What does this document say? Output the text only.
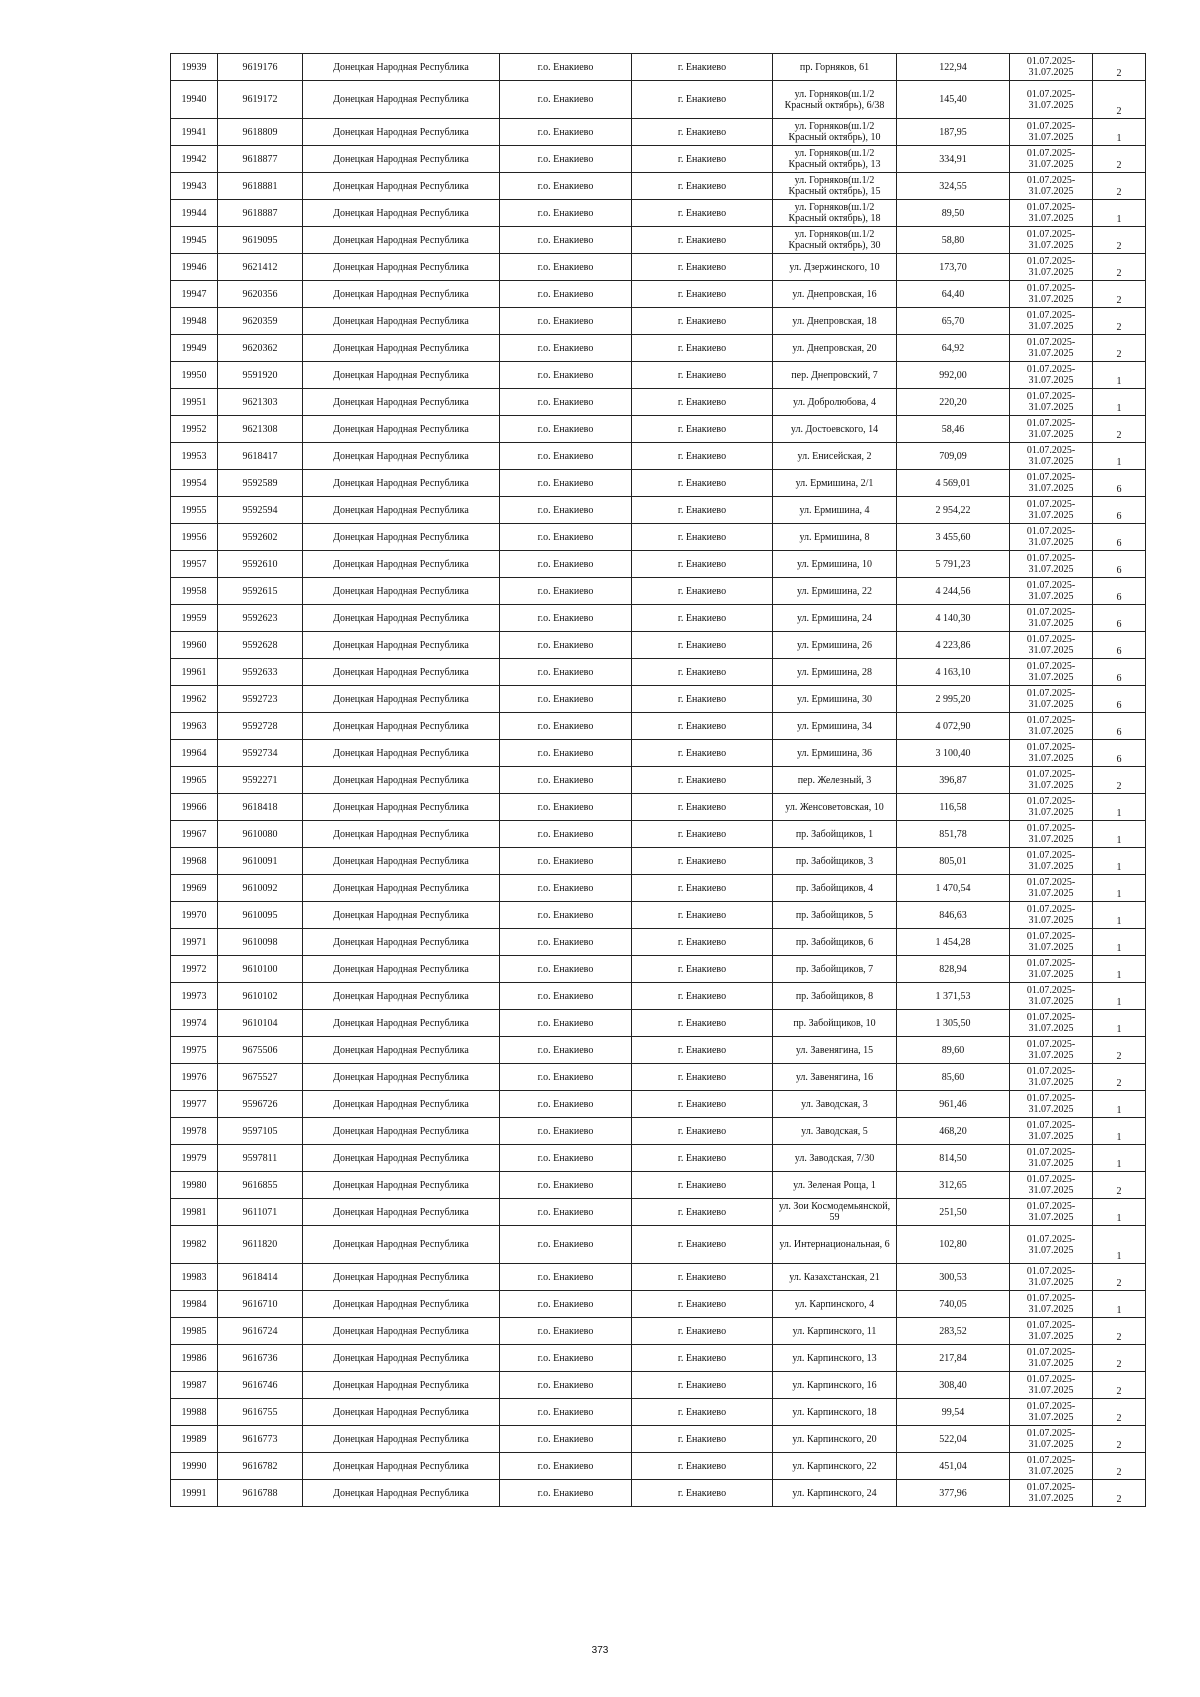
19939	9619176	Донецкая Народная Республика	г.о. Енакиево	г. Енакиево	пр. Горняков, 61	122,94	01.07.2025-31.07.2025	2
19940	9619172	Донецкая Народная Республика	г.о. Енакиево	г. Енакиево	ул. Горняков(ш.1/2 Красный октябрь), 6/38	145,40	01.07.2025-31.07.2025	2
19941	9618809	Донецкая Народная Республика	г.о. Енакиево	г. Енакиево	ул. Горняков(ш.1/2 Красный октябрь), 10	187,95	01.07.2025-31.07.2025	1
19942	9618877	Донецкая Народная Республика	г.о. Енакиево	г. Енакиево	ул. Горняков(ш.1/2 Красный октябрь), 13	334,91	01.07.2025-31.07.2025	2
19943	9618881	Донецкая Народная Республика	г.о. Енакиево	г. Енакиево	ул. Горняков(ш.1/2 Красный октябрь), 15	324,55	01.07.2025-31.07.2025	2
19944	9618887	Донецкая Народная Республика	г.о. Енакиево	г. Енакиево	ул. Горняков(ш.1/2 Красный октябрь), 18	89,50	01.07.2025-31.07.2025	1
19945	9619095	Донецкая Народная Республика	г.о. Енакиево	г. Енакиево	ул. Горняков(ш.1/2 Красный октябрь), 30	58,80	01.07.2025-31.07.2025	2
19946	9621412	Донецкая Народная Республика	г.о. Енакиево	г. Енакиево	ул. Дзержинского, 10	173,70	01.07.2025-31.07.2025	2
19947	9620356	Донецкая Народная Республика	г.о. Енакиево	г. Енакиево	ул. Днепровская, 16	64,40	01.07.2025-31.07.2025	2
19948	9620359	Донецкая Народная Республика	г.о. Енакиево	г. Енакиево	ул. Днепровская, 18	65,70	01.07.2025-31.07.2025	2
19949	9620362	Донецкая Народная Республика	г.о. Енакиево	г. Енакиево	ул. Днепровская, 20	64,92	01.07.2025-31.07.2025	2
19950	9591920	Донецкая Народная Республика	г.о. Енакиево	г. Енакиево	пер. Днепровский, 7	992,00	01.07.2025-31.07.2025	1
19951	9621303	Донецкая Народная Республика	г.о. Енакиево	г. Енакиево	ул. Добролюбова, 4	220,20	01.07.2025-31.07.2025	1
19952	9621308	Донецкая Народная Республика	г.о. Енакиево	г. Енакиево	ул. Достоевского, 14	58,46	01.07.2025-31.07.2025	2
19953	9618417	Донецкая Народная Республика	г.о. Енакиево	г. Енакиево	ул. Енисейская, 2	709,09	01.07.2025-31.07.2025	1
19954	9592589	Донецкая Народная Республика	г.о. Енакиево	г. Енакиево	ул. Ермишина, 2/1	4 569,01	01.07.2025-31.07.2025	6
19955	9592594	Донецкая Народная Республика	г.о. Енакиево	г. Енакиево	ул. Ермишина, 4	2 954,22	01.07.2025-31.07.2025	6
19956	9592602	Донецкая Народная Республика	г.о. Енакиево	г. Енакиево	ул. Ермишина, 8	3 455,60	01.07.2025-31.07.2025	6
19957	9592610	Донецкая Народная Республика	г.о. Енакиево	г. Енакиево	ул. Ермишина, 10	5 791,23	01.07.2025-31.07.2025	6
19958	9592615	Донецкая Народная Республика	г.о. Енакиево	г. Енакиево	ул. Ермишина, 22	4 244,56	01.07.2025-31.07.2025	6
19959	9592623	Донецкая Народная Республика	г.о. Енакиево	г. Енакиево	ул. Ермишина, 24	4 140,30	01.07.2025-31.07.2025	6
19960	9592628	Донецкая Народная Республика	г.о. Енакиево	г. Енакиево	ул. Ермишина, 26	4 223,86	01.07.2025-31.07.2025	6
19961	9592633	Донецкая Народная Республика	г.о. Енакиево	г. Енакиево	ул. Ермишина, 28	4 163,10	01.07.2025-31.07.2025	6
19962	9592723	Донецкая Народная Республика	г.о. Енакиево	г. Енакиево	ул. Ермишина, 30	2 995,20	01.07.2025-31.07.2025	6
19963	9592728	Донецкая Народная Республика	г.о. Енакиево	г. Енакиево	ул. Ермишина, 34	4 072,90	01.07.2025-31.07.2025	6
19964	9592734	Донецкая Народная Республика	г.о. Енакиево	г. Енакиево	ул. Ермишина, 36	3 100,40	01.07.2025-31.07.2025	6
19965	9592271	Донецкая Народная Республика	г.о. Енакиево	г. Енакиево	пер. Железный, 3	396,87	01.07.2025-31.07.2025	2
19966	9618418	Донецкая Народная Республика	г.о. Енакиево	г. Енакиево	ул. Женсоветовская, 10	116,58	01.07.2025-31.07.2025	1
19967	9610080	Донецкая Народная Республика	г.о. Енакиево	г. Енакиево	пр. Забойщиков, 1	851,78	01.07.2025-31.07.2025	1
19968	9610091	Донецкая Народная Республика	г.о. Енакиево	г. Енакиево	пр. Забойщиков, 3	805,01	01.07.2025-31.07.2025	1
19969	9610092	Донецкая Народная Республика	г.о. Енакиево	г. Енакиево	пр. Забойщиков, 4	1 470,54	01.07.2025-31.07.2025	1
19970	9610095	Донецкая Народная Республика	г.о. Енакиево	г. Енакиево	пр. Забойщиков, 5	846,63	01.07.2025-31.07.2025	1
19971	9610098	Донецкая Народная Республика	г.о. Енакиево	г. Енакиево	пр. Забойщиков, 6	1 454,28	01.07.2025-31.07.2025	1
19972	9610100	Донецкая Народная Республика	г.о. Енакиево	г. Енакиево	пр. Забойщиков, 7	828,94	01.07.2025-31.07.2025	1
19973	9610102	Донецкая Народная Республика	г.о. Енакиево	г. Енакиево	пр. Забойщиков, 8	1 371,53	01.07.2025-31.07.2025	1
19974	9610104	Донецкая Народная Республика	г.о. Енакиево	г. Енакиево	пр. Забойщиков, 10	1 305,50	01.07.2025-31.07.2025	1
19975	9675506	Донецкая Народная Республика	г.о. Енакиево	г. Енакиево	ул. Завенягина, 15	89,60	01.07.2025-31.07.2025	2
19976	9675527	Донецкая Народная Республика	г.о. Енакиево	г. Енакиево	ул. Завенягина, 16	85,60	01.07.2025-31.07.2025	2
19977	9596726	Донецкая Народная Республика	г.о. Енакиево	г. Енакиево	ул. Заводская, 3	961,46	01.07.2025-31.07.2025	1
19978	9597105	Донецкая Народная Республика	г.о. Енакиево	г. Енакиево	ул. Заводская, 5	468,20	01.07.2025-31.07.2025	1
19979	9597811	Донецкая Народная Республика	г.о. Енакиево	г. Енакиево	ул. Заводская, 7/30	814,50	01.07.2025-31.07.2025	1
19980	9616855	Донецкая Народная Республика	г.о. Енакиево	г. Енакиево	ул. Зеленая Роща, 1	312,65	01.07.2025-31.07.2025	2
19981	9611071	Донецкая Народная Республика	г.о. Енакиево	г. Енакиево	ул. Зои Космодемьянской, 59	251,50	01.07.2025-31.07.2025	1
19982	9611820	Донецкая Народная Республика	г.о. Енакиево	г. Енакиево	ул. Интернациональная, 6	102,80	01.07.2025-31.07.2025	1
19983	9618414	Донецкая Народная Республика	г.о. Енакиево	г. Енакиево	ул. Казахстанская, 21	300,53	01.07.2025-31.07.2025	2
19984	9616710	Донецкая Народная Республика	г.о. Енакиево	г. Енакиево	ул. Карпинского, 4	740,05	01.07.2025-31.07.2025	1
19985	9616724	Донецкая Народная Республика	г.о. Енакиево	г. Енакиево	ул. Карпинского, 11	283,52	01.07.2025-31.07.2025	2
19986	9616736	Донецкая Народная Республика	г.о. Енакиево	г. Енакиево	ул. Карпинского, 13	217,84	01.07.2025-31.07.2025	2
19987	9616746	Донецкая Народная Республика	г.о. Енакиево	г. Енакиево	ул. Карпинского, 16	308,40	01.07.2025-31.07.2025	2
19988	9616755	Донецкая Народная Республика	г.о. Енакиево	г. Енакиево	ул. Карпинского, 18	99,54	01.07.2025-31.07.2025	2
19989	9616773	Донецкая Народная Республика	г.о. Енакиево	г. Енакиево	ул. Карпинского, 20	522,04	01.07.2025-31.07.2025	2
19990	9616782	Донецкая Народная Республика	г.о. Енакиево	г. Енакиево	ул. Карпинского, 22	451,04	01.07.2025-31.07.2025	2
19991	9616788	Донецкая Народная Республика	г.о. Енакиево	г. Енакиево	ул. Карпинского, 24	377,96	01.07.2025-31.07.2025	2
373
